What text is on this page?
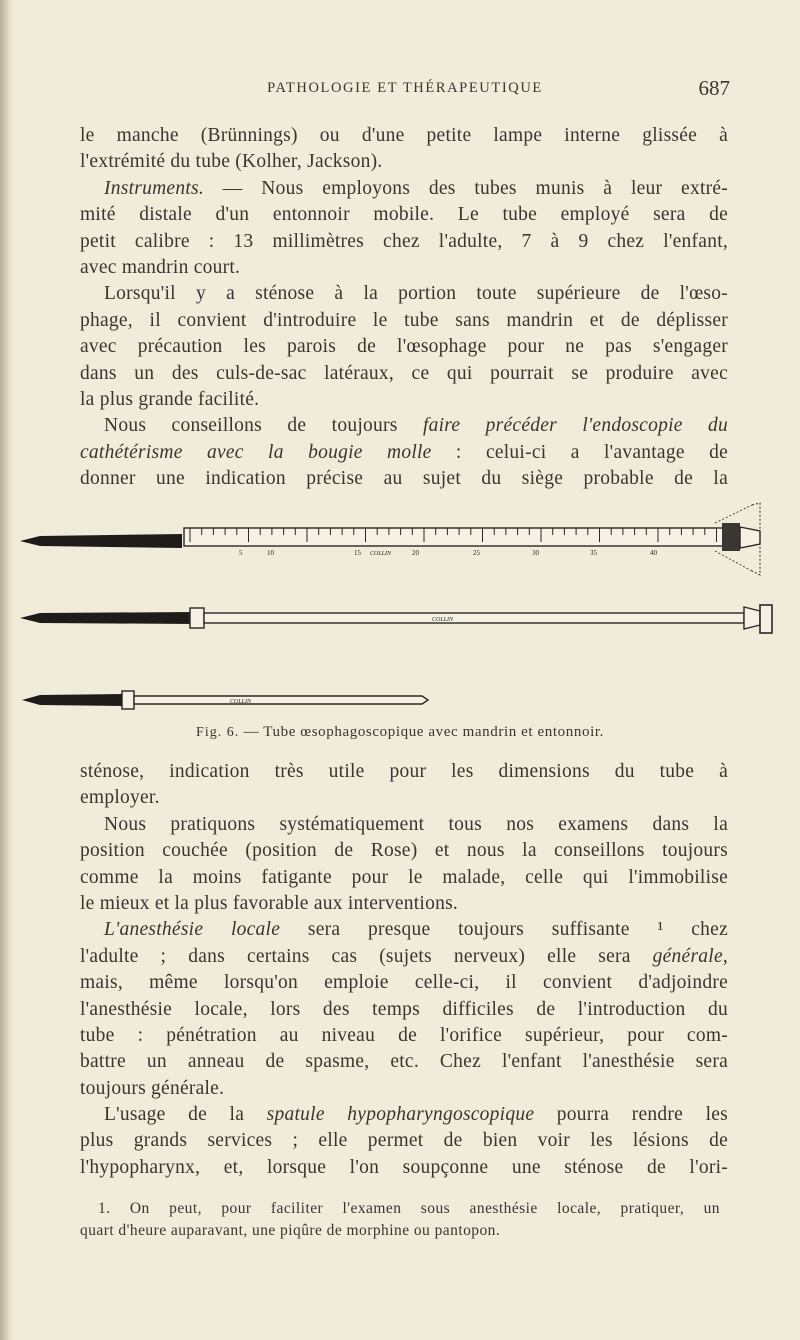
PATHOLOGIE ET THÉRAPEUTIQUE	687
le manche (Brünnings) ou d'une petite lampe interne glissée à
l'extrémité du tube (Kolher, Jackson).
Instruments. — Nous employons des tubes munis à leur extré-
mité distale d'un entonnoir mobile. Le tube employé sera de
petit calibre : 13 millimètres chez l'adulte, 7 à 9 chez l'enfant,
avec mandrin court.
Lorsqu'il y a sténose à la portion toute supérieure de l'œso-
phage, il convient d'introduire le tube sans mandrin et de déplisser
avec précaution les parois de l'œsophage pour ne pas s'engager
dans un des culs-de-sac latéraux, ce qui pourrait se produire avec
la plus grande facilité.
Nous conseillons de toujours faire précéder l'endoscopie du
cathétérisme avec la bougie molle : celui-ci a l'avantage de
donner une indication précise au sujet du siège probable de la
5	10	15 COLLIN	20	25	30	35	40
COLLIN
COLLIN
Fig. 6. — Tube œsophagoscopique avec mandrin et entonnoir.
sténose, indication très utile pour les dimensions du tube à
employer.
Nous pratiquons systématiquement tous nos examens dans la
position couchée (position de Rose) et nous la conseillons toujours
comme la moins fatigante pour le malade, celle qui l'immobilise
le mieux et la plus favorable aux interventions.
L'anesthésie locale sera presque toujours suffisante ¹ chez
l'adulte ; dans certains cas (sujets nerveux) elle sera générale,
mais, même lorsqu'on emploie celle-ci, il convient d'adjoindre
l'anesthésie locale, lors des temps difficiles de l'introduction du
tube : pénétration au niveau de l'orifice supérieur, pour com-
battre un anneau de spasme, etc. Chez l'enfant l'anesthésie sera
toujours générale.
L'usage de la spatule hypopharyngoscopique pourra rendre les
plus grands services ; elle permet de bien voir les lésions de
l'hypopharynx, et, lorsque l'on soupçonne une sténose de l'ori-
1. On peut, pour faciliter l'examen sous anesthésie locale, pratiquer, un
quart d'heure auparavant, une piqûre de morphine ou pantopon.
